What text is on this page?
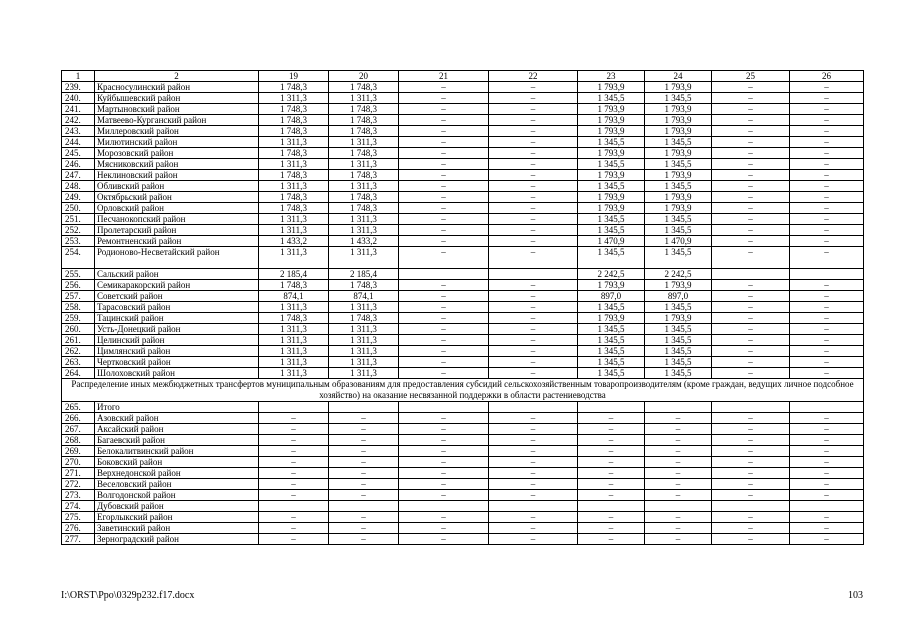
1	2	19	20	21	22	23	24	25	26
239.	Красносулинский район	1 748,3	1 748,3	–	–	1 793,9	1 793,9	–	–
240.	Куйбышевский район	1 311,3	1 311,3	–	–	1 345,5	1 345,5	–	–
241.	Мартыновский район	1 748,3	1 748,3	–	–	1 793,9	1 793,9	–	–
242.	Матвеево-Курганский район	1 748,3	1 748,3	–	–	1 793,9	1 793,9	–	–
243.	Миллеровский район	1 748,3	1 748,3	–	–	1 793,9	1 793,9	–	–
244.	Милютинский район	1 311,3	1 311,3	–	–	1 345,5	1 345,5	–	–
245.	Морозовский район	1 748,3	1 748,3	–	–	1 793,9	1 793,9	–	–
246.	Мясниковский район	1 311,3	1 311,3	–	–	1 345,5	1 345,5	–	–
247.	Неклиновский район	1 748,3	1 748,3	–	–	1 793,9	1 793,9	–	–
248.	Обливский район	1 311,3	1 311,3	–	–	1 345,5	1 345,5	–	–
249.	Октябрьский район	1 748,3	1 748,3	–	–	1 793,9	1 793,9	–	–
250.	Орловский район	1 748,3	1 748,3	–	–	1 793,9	1 793,9	–	–
251.	Песчанокопский район	1 311,3	1 311,3	–	–	1 345,5	1 345,5	–	–
252.	Пролетарский район	1 311,3	1 311,3	–	–	1 345,5	1 345,5	–	–
253.	Ремонтненский район	1 433,2	1 433,2	–	–	1 470,9	1 470,9	–	–
254.	Родионово-Несветайский район	1 311,3	1 311,3	–	–	1 345,5	1 345,5	–	–
255.	Сальский район	2 185,4	2 185,4			2 242,5	2 242,5		
256.	Семикаракорский район	1 748,3	1 748,3	–	–	1 793,9	1 793,9	–	–
257.	Советский район	874,1	874,1	–	–	897,0	897,0	–	–
258.	Тарасовский район	1 311,3	1 311,3	–	–	1 345,5	1 345,5	–	–
259.	Тацинский район	1 748,3	1 748,3	–	–	1 793,9	1 793,9	–	–
260.	Усть-Донецкий район	1 311,3	1 311,3	–	–	1 345,5	1 345,5	–	–
261.	Целинский район	1 311,3	1 311,3	–	–	1 345,5	1 345,5	–	–
262.	Цимлянский район	1 311,3	1 311,3	–	–	1 345,5	1 345,5	–	–
263.	Чертковский район	1 311,3	1 311,3	–	–	1 345,5	1 345,5	–	–
264.	Шолоховский район	1 311,3	1 311,3	–	–	1 345,5	1 345,5	–	–
Распределение иных межбюджетных трансфертов муниципальным образованиям для предоставления субсидий сельскохозяйственным товаропроизводителям (кроме граждан, ведущих личное подсобное хозяйство) на оказание несвязанной поддержки в области растениеводства									
265.	Итого								
266.	Азовский район	–	–	–	–	–	–	–	–
267.	Аксайский район	–	–	–	–	–	–	–	–
268.	Багаевский район	–	–	–	–	–	–	–	–
269.	Белокалитвинский район	–	–	–	–	–	–	–	–
270.	Боковский район	–	–	–	–	–	–	–	–
271.	Верхнедонской район	–	–	–	–	–	–	–	–
272.	Веселовский район	–	–	–	–	–	–	–	–
273.	Волгодонской район	–	–	–	–	–	–	–	–
274.	Дубовский район								
275.	Егорлыкский район	–	–	–	–	–	–	–	–
276.	Заветинский район	–	–	–	–	–	–	–	–
277.	Зерноградский район	–	–	–	–	–	–	–	–
I:\ORST\Ppo\0329p232.f17.docx	103
